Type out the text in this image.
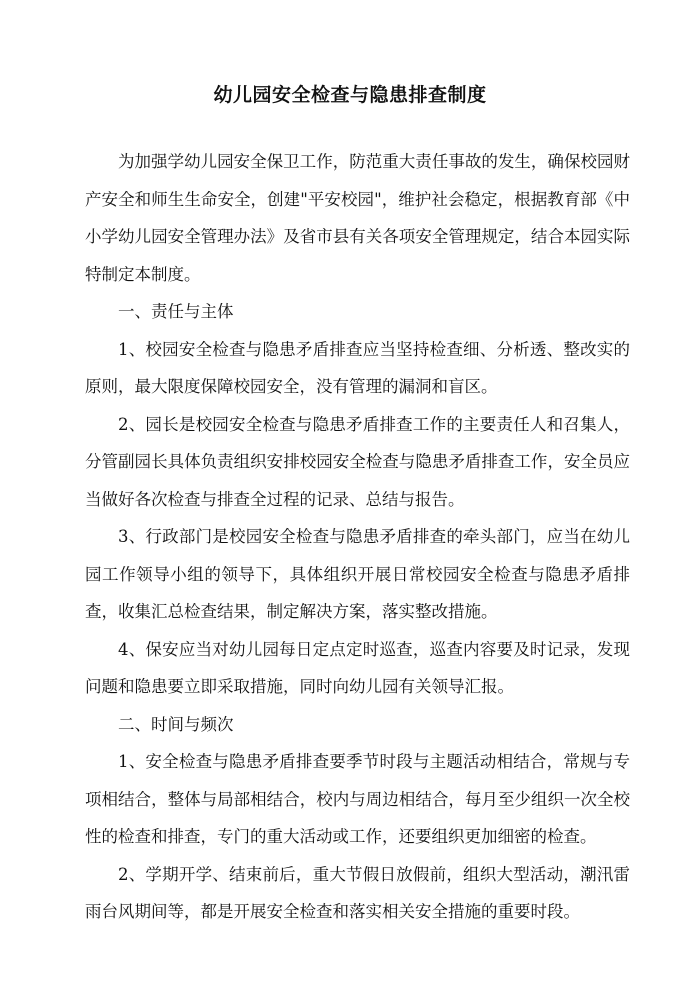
幼儿园安全检查与隐患排查制度

为加强学幼儿园安全保卫工作，防范重大责任事故的发生，确保校园财产安全和师生生命安全，创建"平安校园"，维护社会稳定，根据教育部《中小学幼儿园安全管理办法》及省市县有关各项安全管理规定，结合本园实际特制定本制度。

一、责任与主体

1、校园安全检查与隐患矛盾排查应当坚持检查细、分析透、整改实的原则，最大限度保障校园安全，没有管理的漏洞和盲区。

2、园长是校园安全检查与隐患矛盾排查工作的主要责任人和召集人，分管副园长具体负责组织安排校园安全检查与隐患矛盾排查工作，安全员应当做好各次检查与排查全过程的记录、总结与报告。

3、行政部门是校园安全检查与隐患矛盾排查的牵头部门，应当在幼儿园工作领导小组的领导下，具体组织开展日常校园安全检查与隐患矛盾排查，收集汇总检查结果，制定解决方案，落实整改措施。

4、保安应当对幼儿园每日定点定时巡查，巡查内容要及时记录，发现问题和隐患要立即采取措施，同时向幼儿园有关领导汇报。

二、时间与频次

1、安全检查与隐患矛盾排查要季节时段与主题活动相结合，常规与专项相结合，整体与局部相结合，校内与周边相结合，每月至少组织一次全校性的检查和排查，专门的重大活动或工作，还要组织更加细密的检查。

2、学期开学、结束前后，重大节假日放假前，组织大型活动，潮汛雷雨台风期间等，都是开展安全检查和落实相关安全措施的重要时段。
